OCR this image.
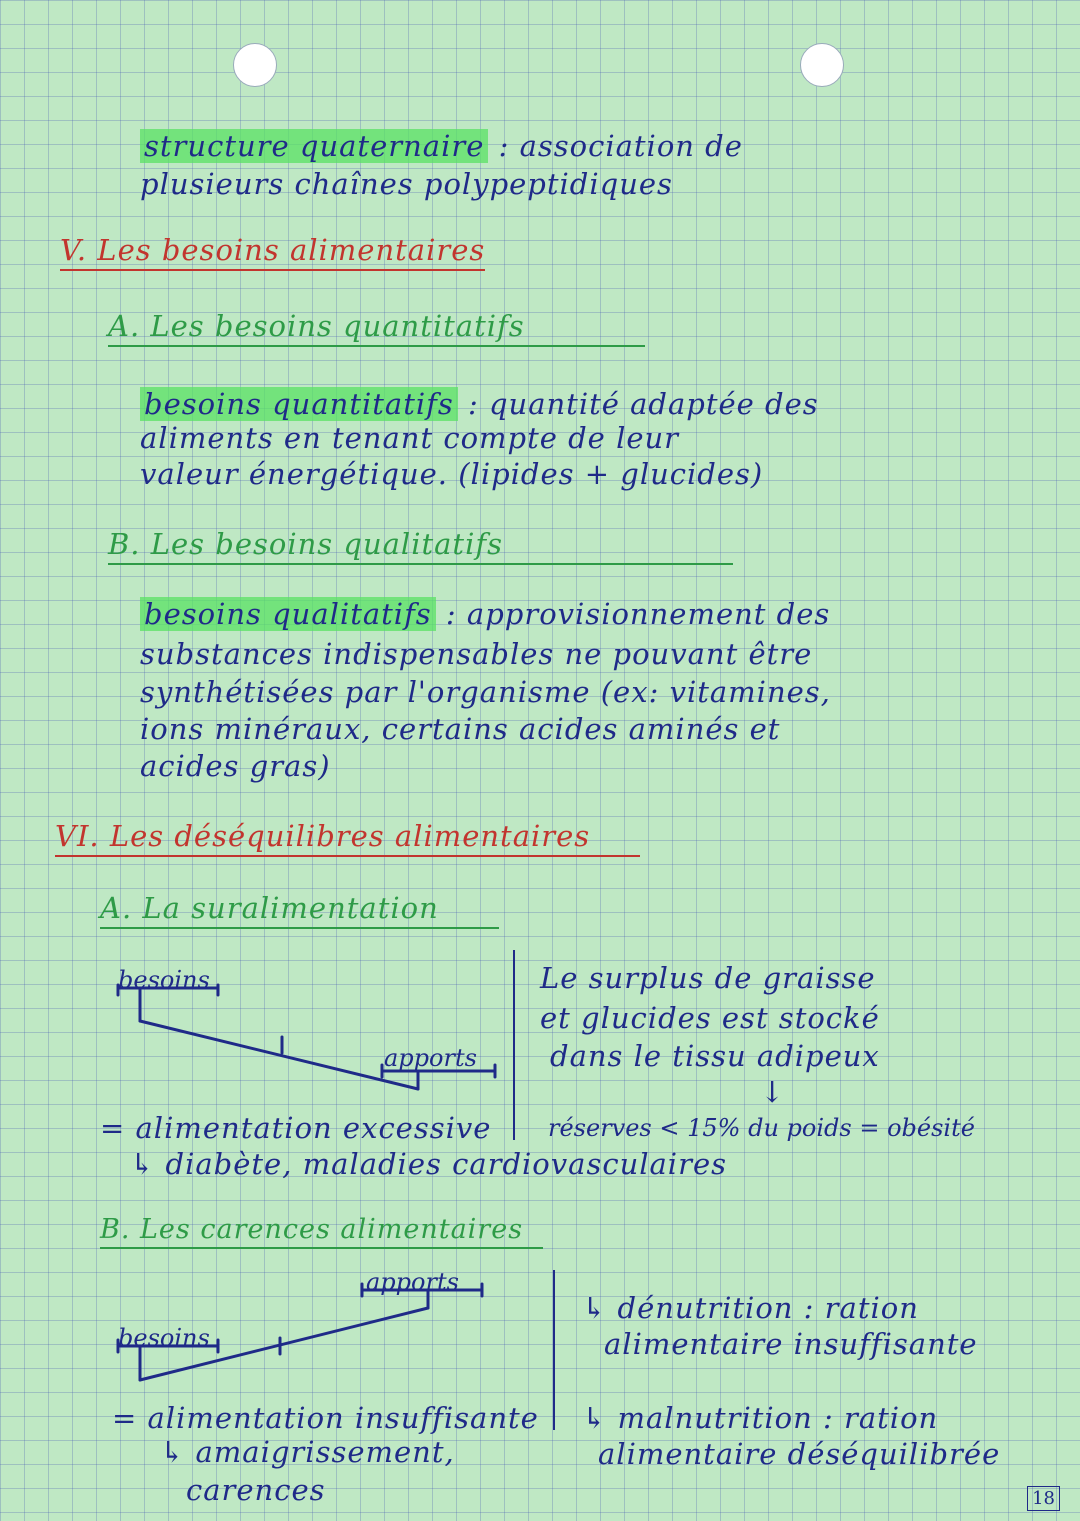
structure quaternaire : association de
plusieurs chaînes polypeptidiques
V. Les besoins alimentaires
A. Les besoins quantitatifs
besoins quantitatifs : quantité adaptée des
aliments en tenant compte de leur
valeur énergétique. (lipides + glucides)
B. Les besoins qualitatifs
besoins qualitatifs : approvisionnement des
substances indispensables ne pouvant être
synthétisées par l'organisme (ex: vitamines,
ions minéraux, certains acides aminés et
acides gras)
VI. Les déséquilibres alimentaires
A. La suralimentation
besoins
apports
Le surplus de graisse
et glucides est stocké
dans le tissu adipeux
↓
réserves < 15% du poids = obésité
= alimentation excessive
↳ diabète, maladies cardiovasculaires
B. Les carences alimentaires
apports
besoins
↳ dénutrition : ration
alimentaire insuffisante
↳ malnutrition : ration
alimentaire déséquilibrée
= alimentation insuffisante
↳ amaigrissement,
carences	18
